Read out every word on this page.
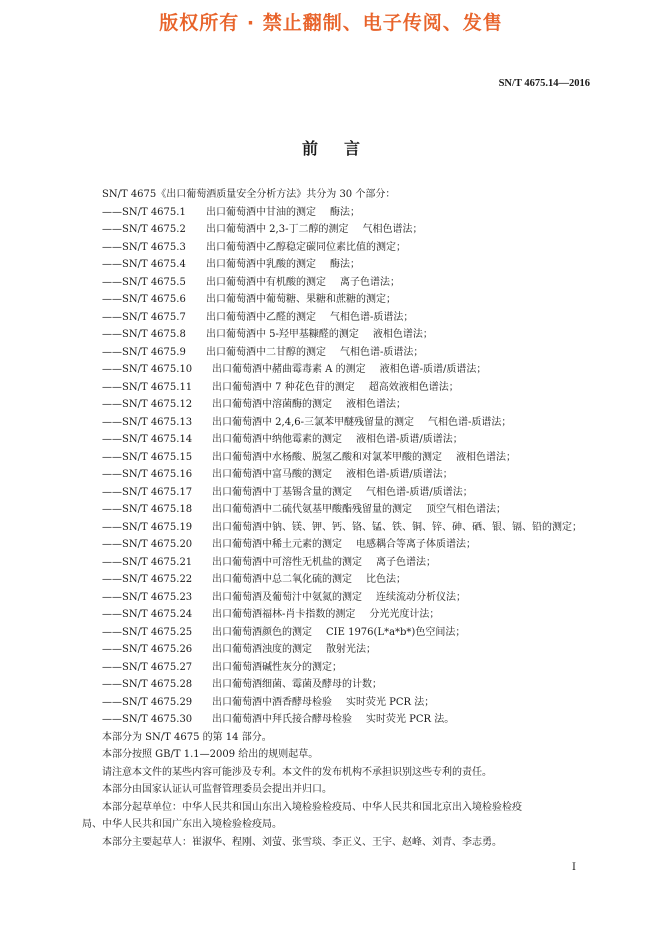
版权所有 · 禁止翻制、电子传阅、发售
SN/T 4675.14—2016
前言
SN/T 4675《出口葡萄酒质量安全分析方法》共分为 30 个部分：
——SN/T 4675.1 出口葡萄酒中甘油的测定 酶法；
——SN/T 4675.2 出口葡萄酒中 2,3-丁二醇的测定 气相色谱法；
——SN/T 4675.3 出口葡萄酒中乙醇稳定碳同位素比值的测定；
——SN/T 4675.4 出口葡萄酒中乳酸的测定 酶法；
——SN/T 4675.5 出口葡萄酒中有机酸的测定 离子色谱法；
——SN/T 4675.6 出口葡萄酒中葡萄糖、果糖和蔗糖的测定；
——SN/T 4675.7 出口葡萄酒中乙醛的测定 气相色谱-质谱法；
——SN/T 4675.8 出口葡萄酒中 5-羟甲基糠醛的测定 液相色谱法；
——SN/T 4675.9 出口葡萄酒中二甘醇的测定 气相色谱-质谱法；
——SN/T 4675.10 出口葡萄酒中赭曲霉毒素 A 的测定 液相色谱-质谱/质谱法；
——SN/T 4675.11 出口葡萄酒中 7 种花色苷的测定 超高效液相色谱法；
——SN/T 4675.12 出口葡萄酒中溶菌酶的测定 液相色谱法；
——SN/T 4675.13 出口葡萄酒中 2,4,6-三氯苯甲醚残留量的测定 气相色谱-质谱法；
——SN/T 4675.14 出口葡萄酒中纳他霉素的测定 液相色谱-质谱/质谱法；
——SN/T 4675.15 出口葡萄酒中水杨酸、脱氢乙酸和对氯苯甲酸的测定 液相色谱法；
——SN/T 4675.16 出口葡萄酒中富马酸的测定 液相色谱-质谱/质谱法；
——SN/T 4675.17 出口葡萄酒中丁基锡含量的测定 气相色谱-质谱/质谱法；
——SN/T 4675.18 出口葡萄酒中二硫代氨基甲酸酯残留量的测定 顶空气相色谱法；
——SN/T 4675.19 出口葡萄酒中钠、镁、钾、钙、铬、锰、铁、铜、锌、砷、硒、银、镉、铅的测定；
——SN/T 4675.20 出口葡萄酒中稀土元素的测定 电感耦合等离子体质谱法；
——SN/T 4675.21 出口葡萄酒中可溶性无机盐的测定 离子色谱法；
——SN/T 4675.22 出口葡萄酒中总二氧化硫的测定 比色法；
——SN/T 4675.23 出口葡萄酒及葡萄汁中氨氮的测定 连续流动分析仪法；
——SN/T 4675.24 出口葡萄酒福林-肖卡指数的测定 分光光度计法；
——SN/T 4675.25 出口葡萄酒颜色的测定 CIE 1976(L*a*b*)色空间法；
——SN/T 4675.26 出口葡萄酒浊度的测定 散射光法；
——SN/T 4675.27 出口葡萄酒碱性灰分的测定；
——SN/T 4675.28 出口葡萄酒细菌、霉菌及酵母的计数；
——SN/T 4675.29 出口葡萄酒中酒香酵母检验 实时荧光 PCR 法；
——SN/T 4675.30 出口葡萄酒中拜氏接合酵母检验 实时荧光 PCR 法。
本部分为 SN/T 4675 的第 14 部分。
本部分按照 GB/T 1.1—2009 给出的规则起草。
请注意本文件的某些内容可能涉及专利。本文件的发布机构不承担识别这些专利的责任。
本部分由国家认证认可监督管理委员会提出并归口。
本部分起草单位：中华人民共和国山东出入境检验检疫局、中华人民共和国北京出入境检验检疫
局、中华人民共和国广东出入境检验检疫局。
本部分主要起草人：崔淑华、程刚、刘萤、张雪琰、李正义、王宇、赵峰、刘青、李志勇。
I
